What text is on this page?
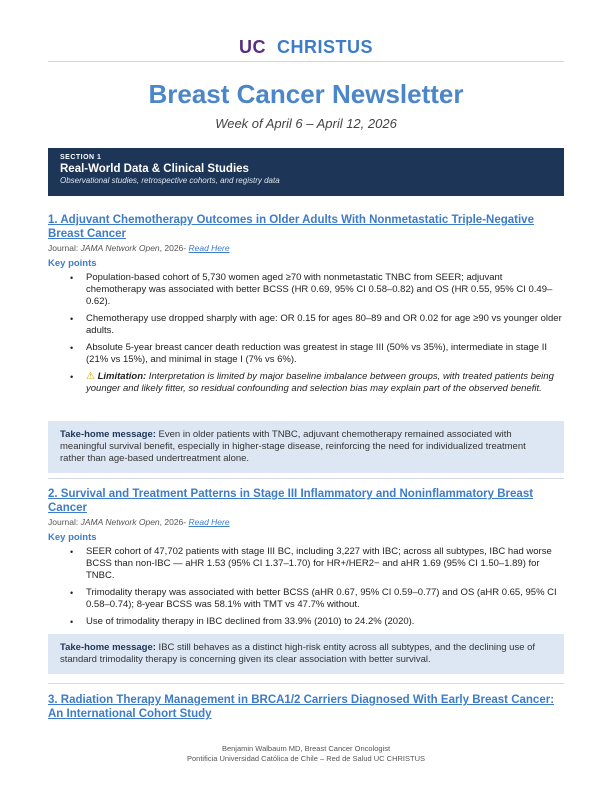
UC CHRISTUS
Breast Cancer Newsletter
Week of April 6 – April 12, 2026
SECTION 1
Real-World Data & Clinical Studies
Observational studies, retrospective cohorts, and registry data
1. Adjuvant Chemotherapy Outcomes in Older Adults With Nonmetastatic Triple-Negative Breast Cancer
Journal: JAMA Network Open, 2026- Read Here
Key points
• Population-based cohort of 5,730 women aged ≥70 with nonmetastatic TNBC from SEER; adjuvant chemotherapy was associated with better BCSS (HR 0.69, 95% CI 0.58–0.82) and OS (HR 0.55, 95% CI 0.49–0.62).
• Chemotherapy use dropped sharply with age: OR 0.15 for ages 80–89 and OR 0.02 for age ≥90 vs younger older adults.
• Absolute 5-year breast cancer death reduction was greatest in stage III (50% vs 35%), intermediate in stage II (21% vs 15%), and minimal in stage I (7% vs 6%).
• ⚠ Limitation: Interpretation is limited by major baseline imbalance between groups, with treated patients being younger and likely fitter, so residual confounding and selection bias may explain part of the observed benefit.
Take-home message: Even in older patients with TNBC, adjuvant chemotherapy remained associated with meaningful survival benefit, especially in higher-stage disease, reinforcing the need for individualized treatment rather than age-based undertreatment alone.
2. Survival and Treatment Patterns in Stage III Inflammatory and Noninflammatory Breast Cancer
Journal: JAMA Network Open, 2026- Read Here
Key points
• SEER cohort of 47,702 patients with stage III BC, including 3,227 with IBC; across all subtypes, IBC had worse BCSS than non-IBC — aHR 1.53 (95% CI 1.37–1.70) for HR+/HER2− and aHR 1.69 (95% CI 1.50–1.89) for TNBC.
• Trimodality therapy was associated with better BCSS (aHR 0.67, 95% CI 0.59–0.77) and OS (aHR 0.65, 95% CI 0.58–0.74); 8-year BCSS was 58.1% with TMT vs 47.7% without.
• Use of trimodality therapy in IBC declined from 33.9% (2010) to 24.2% (2020).
Take-home message: IBC still behaves as a distinct high-risk entity across all subtypes, and the declining use of standard trimodality therapy is concerning given its clear association with better survival.
3. Radiation Therapy Management in BRCA1/2 Carriers Diagnosed With Early Breast Cancer: An International Cohort Study
Benjamin Walbaum MD, Breast Cancer Oncologist
Pontificia Universidad Católica de Chile – Red de Salud UC CHRISTUS
